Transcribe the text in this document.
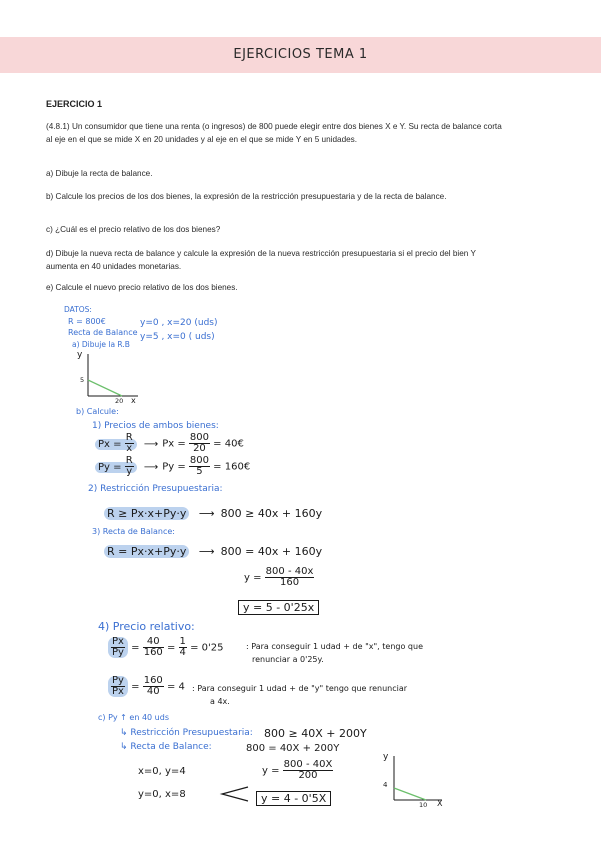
EJERCICIOS TEMA 1
EJERCICIO 1
(4.8.1) Un consumidor que tiene una renta (o ingresos) de 800 puede elegir entre dos bienes X e Y. Su recta de balance corta al eje en el que se mide X en 20 unidades y al eje en el que se mide Y en 5 unidades.
a) Dibuje la recta de balance.
b) Calcule los precios de los dos bienes, la expresión de la restricción presupuestaria y de la recta de balance.
c) ¿Cuál es el precio relativo de los dos bienes?
d) Dibuje la nueva recta de balance y calcule la expresión de la nueva restricción presupuestaria si el precio del bien Y aumenta en 40 unidades monetarias.
e) Calcule el nuevo precio relativo de los dos bienes.
DATOS:
R = 800€
Recta de Balance
y=0 , x=20 (uds)
y=5 , x=0 ( uds)
a) Dibuje la R.B
y
5
20 x
b) Calcule:
1) Precios de ambos bienes:
$Px = \frac{R}{x}$ ⟶ $Px = \frac{800}{20}$ = 40€
$Py = \frac{R}{y}$ ⟶ $Py = \frac{800}{5}$ = 160€
2) Restricción Presupuestaria:
R ≥ Px·x+Py·y ⟶ 800 ≥ 40x + 160y
3) Recta de Balance:
R = Px·x+Py·y ⟶ 800 = 40x + 160y
$y = \frac{800 - 40x}{160}$
y = 5 - 0'25x
4) Precio relativo:
$\frac{Px}{Py} = \frac{40}{160} = \frac{1}{4} = 0'25$	: Para conseguir 1 udad + de "x", tengo que
renunciar a 0'25y.
$\frac{Py}{Px} = \frac{160}{40} = 4$ : Para conseguir 1 udad + de "y" tengo que renunciar
a 4x.
c) Py ↑ en 40 uds
↳ Restricción Presupuestaria: 800 ≥ 40X + 200Y
↳ Recta de Balance:	800 = 40X + 200Y
x=0, y=4
y=0, x=8
$y = \frac{800 - 40X}{200}$
y = 4 - 0'5X
y
4
10 X
